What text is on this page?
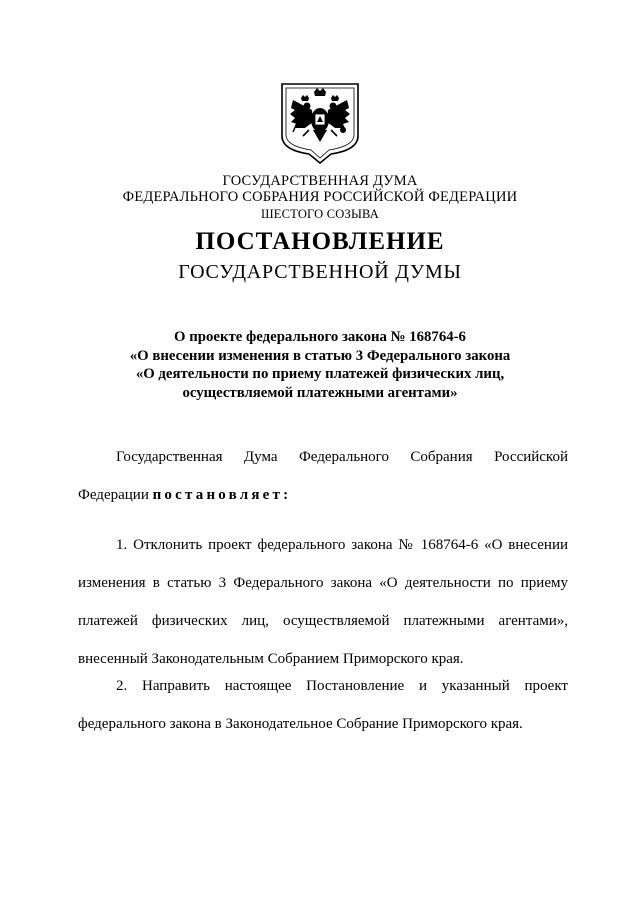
ГОСУДАРСТВЕННАЯ ДУМА
ФЕДЕРАЛЬНОГО СОБРАНИЯ РОССИЙСКОЙ ФЕДЕРАЦИИ
ШЕСТОГО СОЗЫВА
ПОСТАНОВЛЕНИЕ
ГОСУДАРСТВЕННОЙ ДУМЫ
О проекте федерального закона № 168764-6
«О внесении изменения в статью 3 Федерального закона
«О деятельности по приему платежей физических лиц,
осуществляемой платежными агентами»
Государственная Дума Федерального Собрания Российской
Федерации постановляет:
1. Отклонить проект федерального закона № 168764-6 «О внесении
изменения в статью 3 Федерального закона «О деятельности по приему
платежей физических лиц, осуществляемой платежными агентами»,
внесенный Законодательным Собранием Приморского края.
2. Направить настоящее Постановление и указанный проект
федерального закона в Законодательное Собрание Приморского края.
